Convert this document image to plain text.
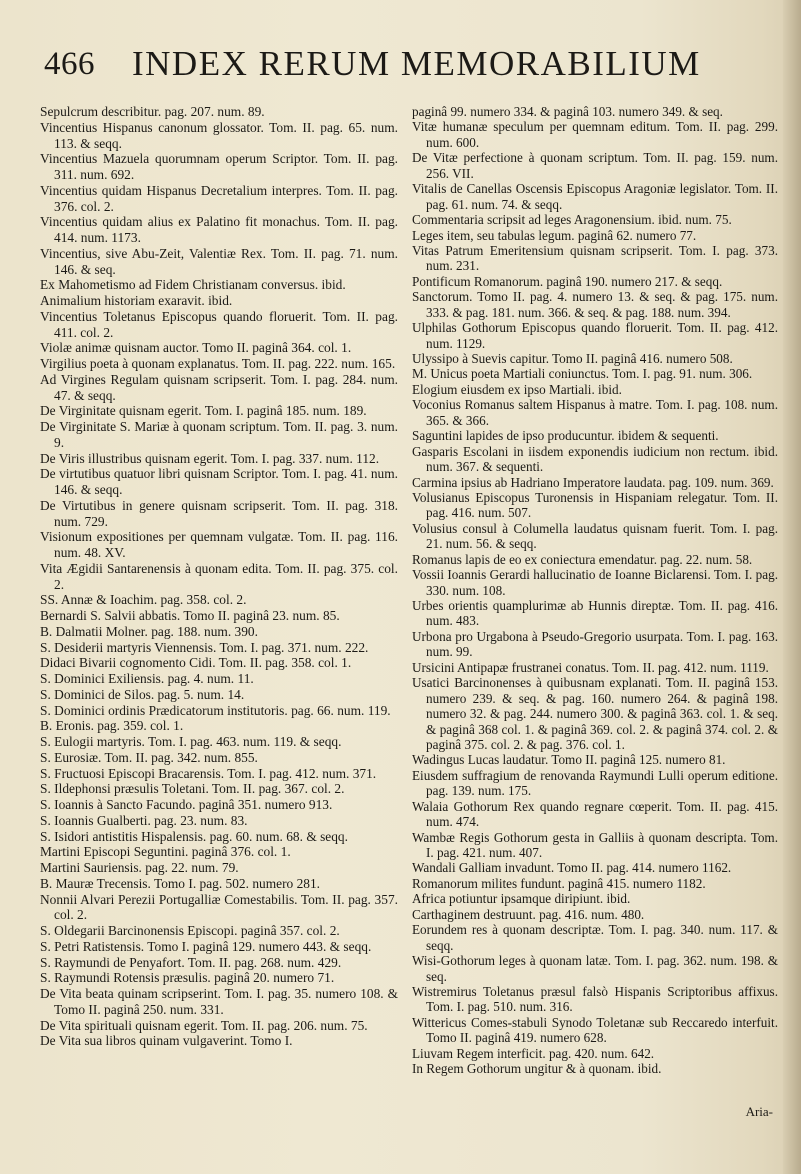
466 INDEX RERUM MEMORABILIUM

Sepulcrum describitur. pag. 207. num. 89.

Vincentius Hispanus canonum glossator. Tom. II. pag. 65. num. 113. & seqq.

Vincentius Mazuela quorumnam operum Scriptor. Tom. II. pag. 311. num. 692.

Vincentius quidam Hispanus Decretalium interpres. Tom. II. pag. 376. col. 2.

Vincentius quidam alius ex Palatino fit monachus. Tom. II. pag. 414. num. 1173.

Vincentius, sive Abu-Zeit, Valentiæ Rex. Tom. II. pag. 71. num. 146. & seq.

Ex Mahometismo ad Fidem Christianam conversus. ibid.

Animalium historiam exaravit. ibid.

Vincentius Toletanus Episcopus quando floruerit. Tom. II. pag. 411. col. 2.

Violæ animæ quisnam auctor. Tomo II. paginâ 364. col. 1.

Virgilius poeta à quonam explanatus. Tom. II. pag. 222. num. 165.

Ad Virgines Regulam quisnam scripserit. Tom. I. pag. 284. num. 47. & seqq.

De Virginitate quisnam egerit. Tom. I. paginâ 185. num. 189.

De Virginitate S. Mariæ à quonam scriptum. Tom. II. pag. 3. num. 9.

De Viris illustribus quisnam egerit. Tom. I. pag. 337. num. 112.

De virtutibus quatuor libri quisnam Scriptor. Tom. I. pag. 41. num. 146. & seqq.

De Virtutibus in genere quisnam scripserit. Tom. II. pag. 318. num. 729.

Visionum expositiones per quemnam vulgatæ. Tom. II. pag. 116. num. 48. XV.

Vita Ægidii Santarenensis à quonam edita. Tom. II. pag. 375. col. 2.

SS. Annæ & Ioachim. pag. 358. col. 2.

Bernardi S. Salvii abbatis. Tomo II. paginâ 23. num. 85.

B. Dalmatii Molner. pag. 188. num. 390.

S. Desiderii martyris Viennensis. Tom. I. pag. 371. num. 222.

Didaci Bivarii cognomento Cidi. Tom. II. pag. 358. col. 1.

S. Dominici Exiliensis. pag. 4. num. 11.

S. Dominici de Silos. pag. 5. num. 14.

S. Dominici ordinis Prædicatorum institutoris. pag. 66. num. 119.

B. Eronis. pag. 359. col. 1.

S. Eulogii martyris. Tom. I. pag. 463. num. 119. & seqq.

S. Eurosiæ. Tom. II. pag. 342. num. 855.

S. Fructuosi Episcopi Bracarensis. Tom. I. pag. 412. num. 371.

S. Ildephonsi præsulis Toletani. Tom. II. pag. 367. col. 2.

S. Ioannis à Sancto Facundo. paginâ 351. numero 913.

S. Ioannis Gualberti. pag. 23. num. 83.

S. Isidori antistitis Hispalensis. pag. 60. num. 68. & seqq.

Martini Episcopi Seguntini. paginâ 376. col. 1.

Martini Sauriensis. pag. 22. num. 79.

B. Mauræ Trecensis. Tomo I. pag. 502. numero 281.

Nonnii Alvari Perezii Portugalliæ Comestabilis. Tom. II. pag. 357. col. 2.

S. Oldegarii Barcinonensis Episcopi. paginâ 357. col. 2.

S. Petri Ratistensis. Tomo I. paginâ 129. numero 443. & seqq.

S. Raymundi de Penyafort. Tom. II. pag. 268. num. 429.

S. Raymundi Rotensis præsulis. paginâ 20. numero 71.

De Vita beata quinam scripserint. Tom. I. pag. 35. numero 108. & Tomo II. paginâ 250. num. 331.

De Vita spirituali quisnam egerit. Tom. II. pag. 206. num. 75.

De Vita sua libros quinam vulgaverint. Tomo I.

paginâ 99. numero 334. & paginâ 103. numero 349. & seq.

Vitæ humanæ speculum per quemnam editum. Tom. II. pag. 299. num. 600.

De Vitæ perfectione à quonam scriptum. Tom. II. pag. 159. num. 256. VII.

Vitalis de Canellas Oscensis Episcopus Aragoniæ legislator. Tom. II. pag. 61. num. 74. & seqq.

Commentaria scripsit ad leges Aragonensium. ibid. num. 75.

Leges item, seu tabulas legum. paginâ 62. numero 77.

Vitas Patrum Emeritensium quisnam scripserit. Tom. I. pag. 373. num. 231.

Pontificum Romanorum. paginâ 190. numero 217. & seqq.

Sanctorum. Tomo II. pag. 4. numero 13. & seq. & pag. 175. num. 333. & pag. 181. num. 366. & seq. & pag. 188. num. 394.

Ulphilas Gothorum Episcopus quando floruerit. Tom. II. pag. 412. num. 1129.

Ulyssipo à Suevis capitur. Tomo II. paginâ 416. numero 508.

M. Unicus poeta Martiali coniunctus. Tom. I. pag. 91. num. 306.

Elogium eiusdem ex ipso Martiali. ibid.

Voconius Romanus saltem Hispanus à matre. Tom. I. pag. 108. num. 365. & 366.

Saguntini lapides de ipso producuntur. ibidem & sequenti.

Gasparis Escolani in iisdem exponendis iudicium non rectum. ibid. num. 367. & sequenti.

Carmina ipsius ab Hadriano Imperatore laudata. pag. 109. num. 369.

Volusianus Episcopus Turonensis in Hispaniam relegatur. Tom. II. pag. 416. num. 507.

Volusius consul à Columella laudatus quisnam fuerit. Tom. I. pag. 21. num. 56. & seqq.

Romanus lapis de eo ex coniectura emendatur. pag. 22. num. 58.

Vossii Ioannis Gerardi hallucinatio de Ioanne Biclarensi. Tom. I. pag. 330. num. 108.

Urbes orientis quamplurimæ ab Hunnis direptæ. Tom. II. pag. 416. num. 483.

Urbona pro Urgabona à Pseudo-Gregorio usurpata. Tom. I. pag. 163. num. 99.

Ursicini Antipapæ frustranei conatus. Tom. II. pag. 412. num. 1119.

Usatici Barcinonenses à quibusnam explanati. Tom. II. paginâ 153. numero 239. & seq. & pag. 160. numero 264. & paginâ 198. numero 32. & pag. 244. numero 300. & paginâ 363. col. 1. & seq. & paginâ 368 col. 1. & paginâ 369. col. 2. & paginâ 374. col. 2. & paginâ 375. col. 2. & pag. 376. col. 1.

Wadingus Lucas laudatur. Tomo II. paginâ 125. numero 81.

Eiusdem suffragium de renovanda Raymundi Lulli operum editione. pag. 139. num. 175.

Walaia Gothorum Rex quando regnare cœperit. Tom. II. pag. 415. num. 474.

Wambæ Regis Gothorum gesta in Galliis à quonam descripta. Tom. I. pag. 421. num. 407.

Wandali Galliam invadunt. Tomo II. pag. 414. numero 1162.

Romanorum milites fundunt. paginâ 415. numero 1182.

Africa potiuntur ipsamque diripiunt. ibid.

Carthaginem destruunt. pag. 416. num. 480.

Eorundem res à quonam descriptæ. Tom. I. pag. 340. num. 117. & seqq.

Wisi-Gothorum leges à quonam latæ. Tom. I. pag. 362. num. 198. & seq.

Wistremirus Toletanus præsul falsò Hispanis Scriptoribus affixus. Tom. I. pag. 510. num. 316.

Wittericus Comes-stabuli Synodo Toletanæ sub Reccaredo interfuit. Tomo II. paginâ 419. numero 628.

Liuvam Regem interficit. pag. 420. num. 642.

In Regem Gothorum ungitur & à quonam. ibid.

Aria-
